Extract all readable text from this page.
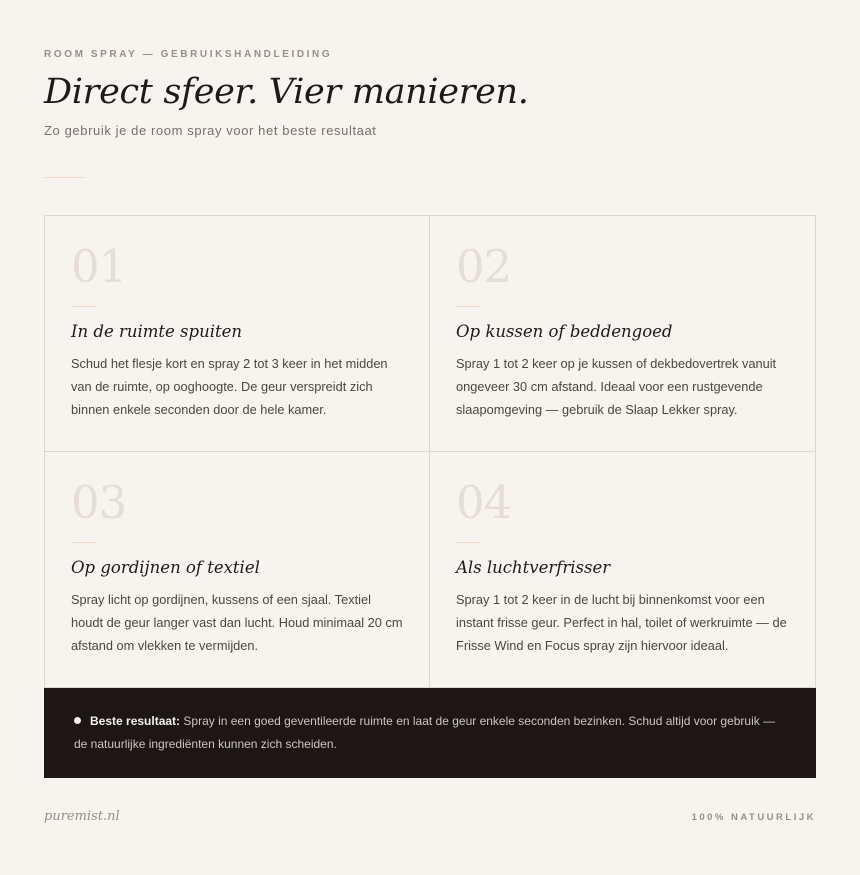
ROOM SPRAY — GEBRUIKSHANDLEIDING
Direct sfeer. Vier manieren.
Zo gebruik je de room spray voor het beste resultaat
01
In de ruimte spuiten

Schud het flesje kort en spray 2 tot 3 keer in het midden van de ruimte, op ooghoogte. De geur verspreidt zich binnen enkele seconden door de hele kamer.

02
Op kussen of beddengoed

Spray 1 tot 2 keer op je kussen of dekbedovertrek vanuit ongeveer 30 cm afstand. Ideaal voor een rustgevende slaapomgeving — gebruik de Slaap Lekker spray.

03
Op gordijnen of textiel

Spray licht op gordijnen, kussens of een sjaal. Textiel houdt de geur langer vast dan lucht. Houd minimaal 20 cm afstand om vlekken te vermijden.

04
Als luchtverfrisser

Spray 1 tot 2 keer in de lucht bij binnenkomst voor een instant frisse geur. Perfect in hal, toilet of werkruimte — de Frisse Wind en Focus spray zijn hiervoor ideaal.

Beste resultaat: Spray in een goed geventileerde ruimte en laat de geur enkele seconden bezinken. Schud altijd voor gebruik — de natuurlijke ingrediënten kunnen zich scheiden.
puremist.nl	100% NATUURLIJK
